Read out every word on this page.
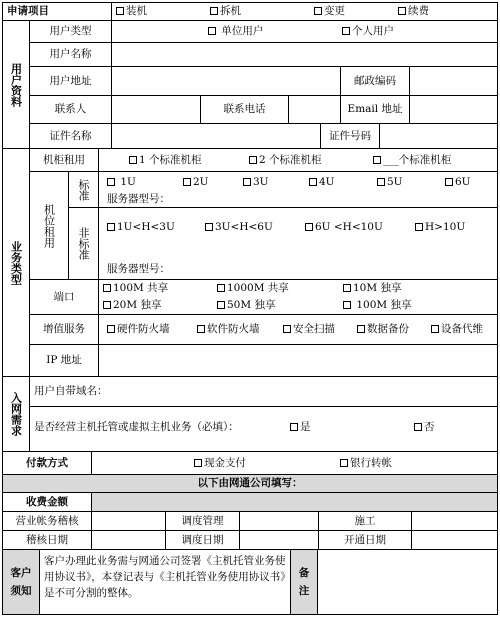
申请项目	装机	拆机	变更	续费
用户资料
用户类型	单位用户	个人用户
用户名称
用户地址	邮政编码
联系人	联系电话	Email 地址
证件名称	证件号码
业务类型
机柜租用	1 个标准机柜	2 个标准机柜	___个标准机柜
机位租用
标准	1U	2U	3U	4U	5U	6U
服务器型号：
非标准	1U<H<3U	3U<H<6U	6U <H<10U	H>10U
服务器型号：
端口
100M 共享	1000M 共享	10M 独享
20M 独享	50M 独享	100M 独享
增值服务	硬件防火墙	软件防火墙	安全扫描	数据备份	设备代维
IP 地址
入网需求
用户自带域名：
是否经营主机托管或虚拟主机业务（必填）：	是	否
付款方式	现金支付	银行转帐
以下由网通公司填写：
收费金额
营业帐务稽核	调度管理	施工
稽核日期	调度日期	开通日期
客户须知
客户办理此业务需与网通公司签署《主机托管业务使用协议书》，本登记表与《主机托管业务使用协议书》是不可分割的整体。
备注
